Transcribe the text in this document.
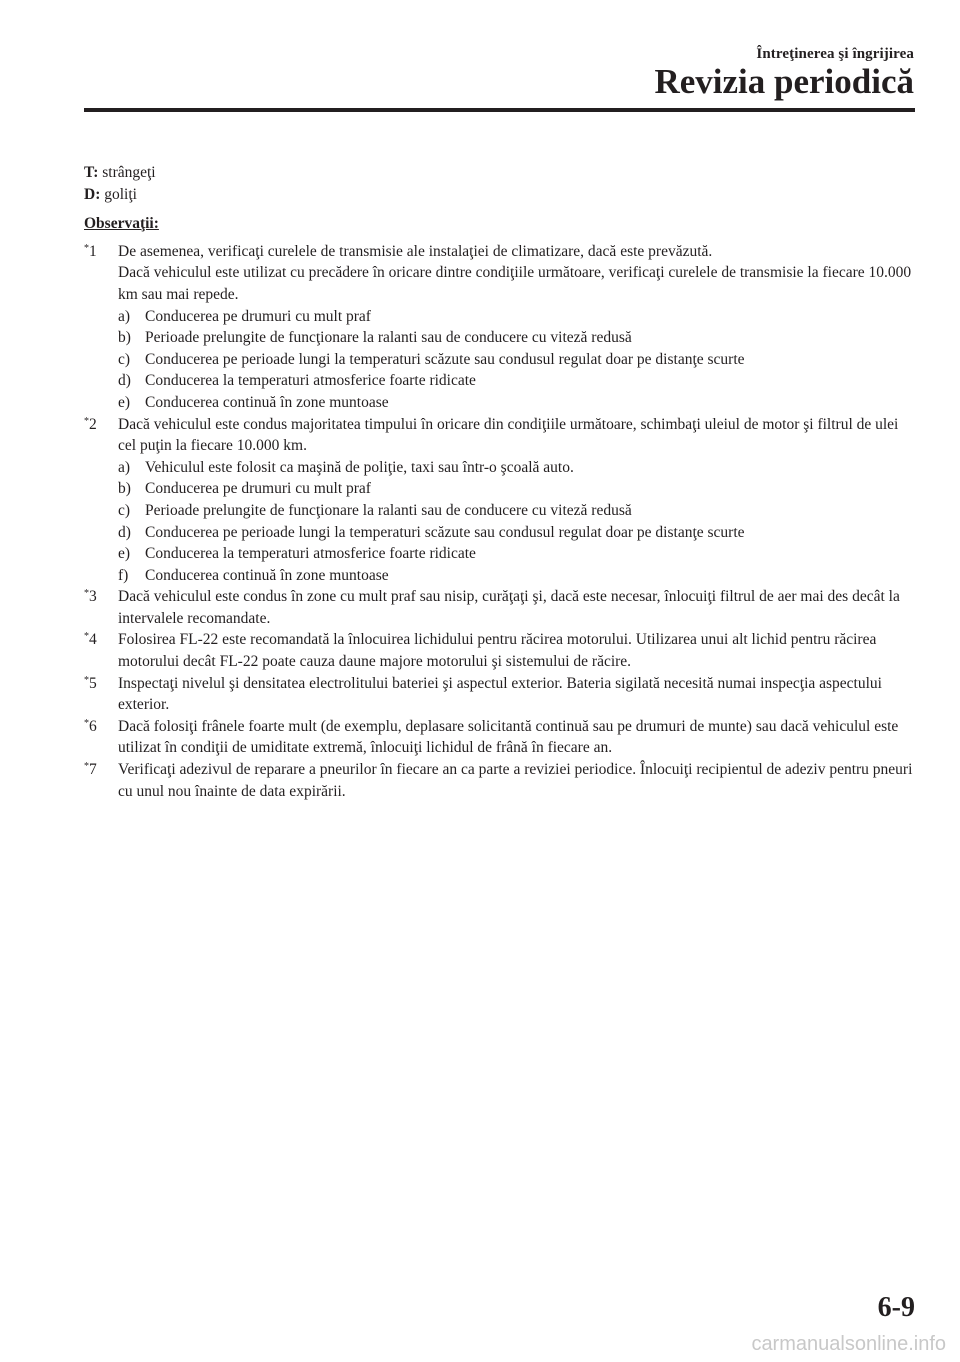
Întreţinerea şi îngrijirea
Revizia periodică

T: strângeţi

D: goliţi

Observaţii:
*1 De asemenea, verificaţi curelele de transmisie ale instalaţiei de climatizare, dacă este prevăzută.
Dacă vehiculul este utilizat cu precădere în oricare dintre condiţiile următoare, verificaţi curelele de transmisie la fiecare 10.000 km sau mai repede.
a) Conducerea pe drumuri cu mult praf
b) Perioade prelungite de funcţionare la ralanti sau de conducere cu viteză redusă
c) Conducerea pe perioade lungi la temperaturi scăzute sau condusul regulat doar pe distanţe scurte
d) Conducerea la temperaturi atmosferice foarte ridicate
e) Conducerea continuă în zone muntoase
*2 Dacă vehiculul este condus majoritatea timpului în oricare din condiţiile următoare, schimbaţi uleiul de motor şi filtrul de ulei cel puţin la fiecare 10.000 km.
a) Vehiculul este folosit ca maşină de poliţie, taxi sau într-o şcoală auto.
b) Conducerea pe drumuri cu mult praf
c) Perioade prelungite de funcţionare la ralanti sau de conducere cu viteză redusă
d) Conducerea pe perioade lungi la temperaturi scăzute sau condusul regulat doar pe distanţe scurte
e) Conducerea la temperaturi atmosferice foarte ridicate
f) Conducerea continuă în zone muntoase
*3 Dacă vehiculul este condus în zone cu mult praf sau nisip, curăţaţi şi, dacă este necesar, înlocuiţi filtrul de aer mai des decât la intervalele recomandate.
*4 Folosirea FL-22 este recomandată la înlocuirea lichidului pentru răcirea motorului. Utilizarea unui alt lichid pentru răcirea motorului decât FL-22 poate cauza daune majore motorului şi sistemului de răcire.
*5 Inspectaţi nivelul şi densitatea electrolitului bateriei şi aspectul exterior. Bateria sigilată necesită numai inspecţia aspectului exterior.
*6 Dacă folosiţi frânele foarte mult (de exemplu, deplasare solicitantă continuă sau pe drumuri de munte) sau dacă vehiculul este utilizat în condiţii de umiditate extremă, înlocuiţi lichidul de frână în fiecare an.
*7 Verificaţi adezivul de reparare a pneurilor în fiecare an ca parte a reviziei periodice. Înlocuiţi recipientul de adeziv pentru pneuri cu unul nou înainte de data expirării.
6-9
carmanualsonline.info
